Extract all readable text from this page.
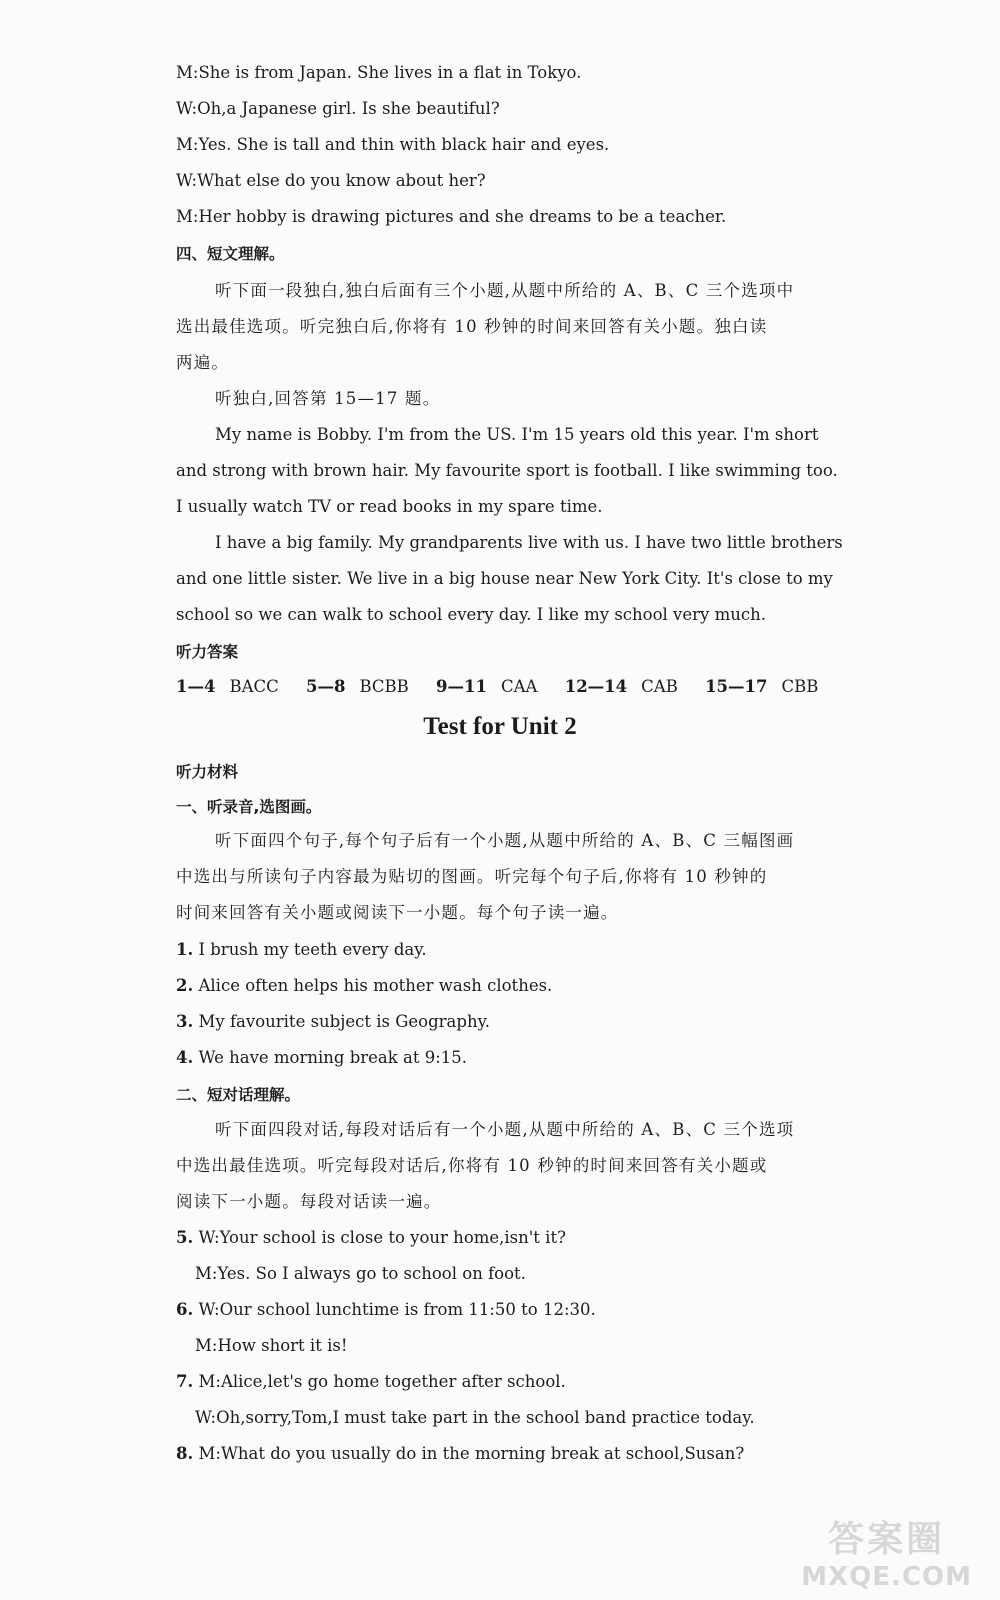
M:She is from Japan. She lives in a flat in Tokyo.
W:Oh,a Japanese girl. Is she beautiful?
M:Yes. She is tall and thin with black hair and eyes.
W:What else do you know about her?
M:Her hobby is drawing pictures and she dreams to be a teacher.
四、短文理解。
听下面一段独白,独白后面有三个小题,从题中所给的 A、B、C 三个选项中
选出最佳选项。听完独白后,你将有 10 秒钟的时间来回答有关小题。独白读
两遍。
听独白,回答第 15—17 题。
My name is Bobby. I'm from the US. I'm 15 years old this year. I'm short
and strong with brown hair. My favourite sport is football. I like swimming too.
I usually watch TV or read books in my spare time.
I have a big family. My grandparents live with us. I have two little brothers
and one little sister. We live in a big house near New York City. It's close to my
school so we can walk to school every day. I like my school very much.
听力答案
1—4 BACC 5—8 BCBB 9—11 CAA 12—14 CAB 15—17 CBB
Test for Unit 2
听力材料
一、听录音,选图画。
听下面四个句子,每个句子后有一个小题,从题中所给的 A、B、C 三幅图画
中选出与所读句子内容最为贴切的图画。听完每个句子后,你将有 10 秒钟的
时间来回答有关小题或阅读下一小题。每个句子读一遍。
1. I brush my teeth every day.
2. Alice often helps his mother wash clothes.
3. My favourite subject is Geography.
4. We have morning break at 9:15.
二、短对话理解。
听下面四段对话,每段对话后有一个小题,从题中所给的 A、B、C 三个选项
中选出最佳选项。听完每段对话后,你将有 10 秒钟的时间来回答有关小题或
阅读下一小题。每段对话读一遍。
5. W:Your school is close to your home,isn't it?
M:Yes. So I always go to school on foot.
6. W:Our school lunchtime is from 11:50 to 12:30.
M:How short it is!
7. M:Alice,let's go home together after school.
W:Oh,sorry,Tom,I must take part in the school band practice today.
8. M:What do you usually do in the morning break at school,Susan?
答案圈
MXQE.COM
